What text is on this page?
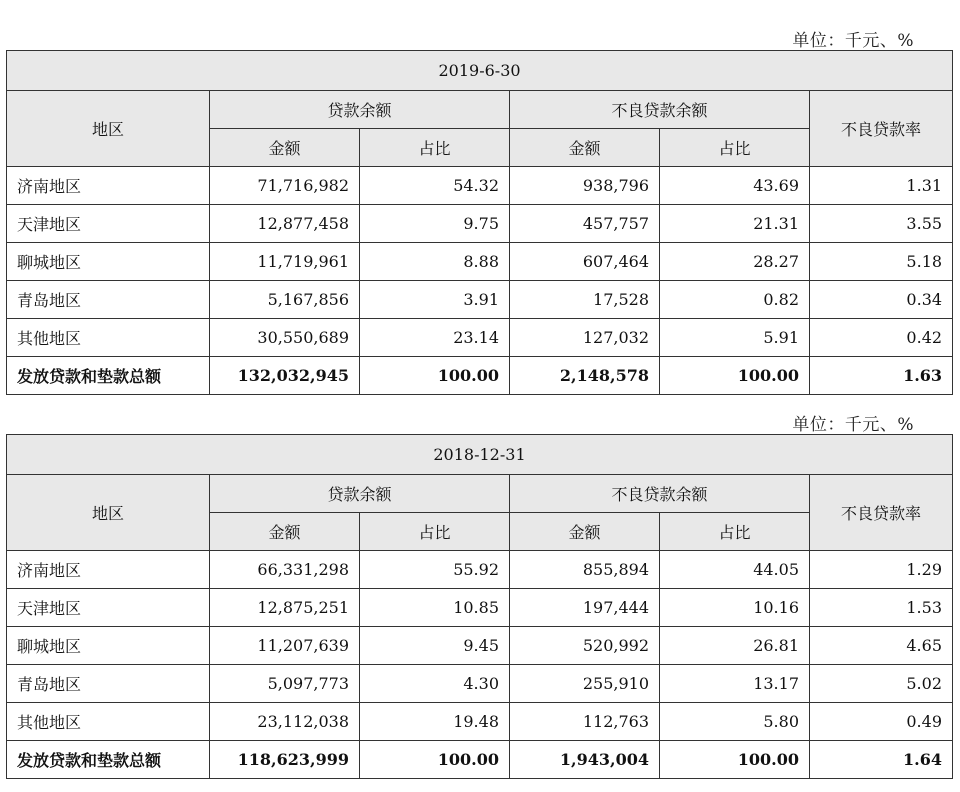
单位：千元、%
2019-6-30					
地区	贷款余额		不良贷款余额		不良贷款率
	金额	占比	金额	占比	
济南地区	71,716,982	54.32	938,796	43.69	1.31
天津地区	12,877,458	9.75	457,757	21.31	3.55
聊城地区	11,719,961	8.88	607,464	28.27	5.18
青岛地区	5,167,856	3.91	17,528	0.82	0.34
其他地区	30,550,689	23.14	127,032	5.91	0.42
发放贷款和垫款总额	132,032,945	100.00	2,148,578	100.00	1.63
单位：千元、%
2018-12-31					
地区	贷款余额		不良贷款余额		不良贷款率
	金额	占比	金额	占比	
济南地区	66,331,298	55.92	855,894	44.05	1.29
天津地区	12,875,251	10.85	197,444	10.16	1.53
聊城地区	11,207,639	9.45	520,992	26.81	4.65
青岛地区	5,097,773	4.30	255,910	13.17	5.02
其他地区	23,112,038	19.48	112,763	5.80	0.49
发放贷款和垫款总额	118,623,999	100.00	1,943,004	100.00	1.64
